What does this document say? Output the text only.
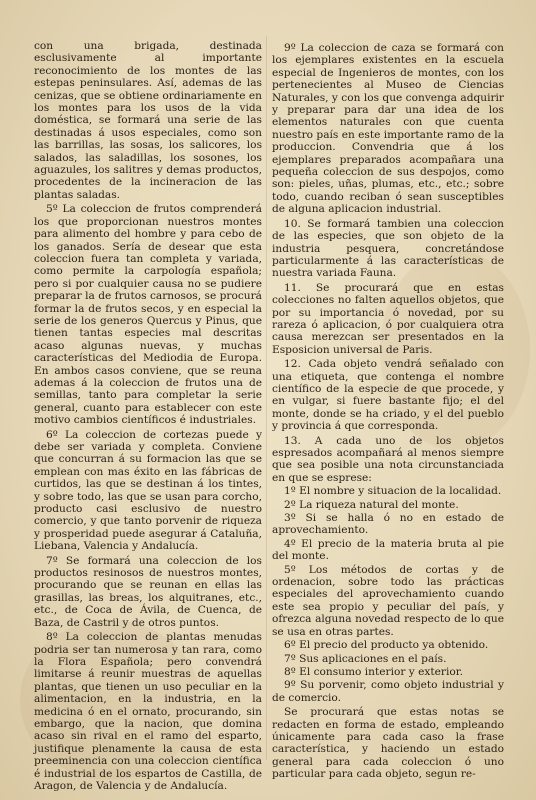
con una brigada, destinada esclusivamente al importante reconocimiento de los montes de las estepas peninsulares. Así, ademas de las cenizas, que se obtiene ordinariamente en los montes para los usos de la vida doméstica, se formará una serie de las destinadas á usos especiales, como son las barrillas, las sosas, los salicores, los salados, las saladillas, los sosones, los aguazules, los salitres y demas productos, procedentes de la incineracion de las plantas saladas.

5º La coleccion de frutos comprenderá los que proporcionan nuestros montes para alimento del hombre y para cebo de los ganados. Sería de desear que esta coleccion fuera tan completa y variada, como permite la carpología española; pero si por cualquier causa no se pudiere preparar la de frutos carnosos, se procurá formar la de frutos secos, y en especial la serie de los generos Quercus y Pinus, que tienen tantas especies mal descritas acaso algunas nuevas, y muchas características del Mediodia de Europa. En ambos casos conviene, que se reuna ademas á la coleccion de frutos una de semillas, tanto para completar la serie general, cuanto para establecer con este motivo cambios científicos é industriales.

6º La coleccion de cortezas puede y debe ser variada y completa. Conviene que concurran á su formacion las que se emplean con mas éxito en las fábricas de curtidos, las que se destinan á los tintes, y sobre todo, las que se usan para corcho, producto casi esclusivo de nuestro comercio, y que tanto porvenir de riqueza y prosperidad puede asegurar á Cataluña, Liebana, Valencia y Andalucía.

7º Se formará una coleccion de los productos resinosos de nuestros montes, procurando que se reunan en ellas las grasillas, las breas, los alquitranes, etc., etc., de Coca de Ávila, de Cuenca, de Baza, de Castril y de otros puntos.

8º La coleccion de plantas menudas podria ser tan numerosa y tan rara, como la Flora Española; pero convendrá limitarse á reunir muestras de aquellas plantas, que tienen un uso peculiar en la alimentacion, en la industria, en la medicina ó en el ornato, procurando, sin embargo, que la nacion, que domina acaso sin rival en el ramo del esparto, justifique plenamente la causa de esta preeminencia con una coleccion científica é industrial de los espartos de Castilla, de Aragon, de Valencia y de Andalucía.

9º La coleccion de caza se formará con los ejemplares existentes en la escuela especial de Ingenieros de montes, con los pertenecientes al Museo de Ciencias Naturales, y con los que convenga adquirir y preparar para dar una idea de los elementos naturales con que cuenta nuestro país en este importante ramo de la produccion. Convendria que á los ejemplares preparados acompañara una pequeña coleccion de sus despojos, como son: pieles, uñas, plumas, etc., etc.; sobre todo, cuando reciban ó sean susceptibles de alguna aplicacion industrial.

10. Se formará tambien una coleccion de las especies, que son objeto de la industria pesquera, concretándose particularmente á las características de nuestra variada Fauna.

11. Se procurará que en estas colecciones no falten aquellos objetos, que por su importancia ó novedad, por su rareza ó aplicacion, ó por cualquiera otra causa merezcan ser presentados en la Esposicion universal de Paris.

12. Cada objeto vendrá señalado con una etiqueta, que contenga el nombre científico de la especie de que procede, y en vulgar, si fuere bastante fijo; el del monte, donde se ha criado, y el del pueblo y provincia á que corresponda.

13. A cada uno de los objetos espresados acompañará al menos siempre que sea posible una nota circunstanciada en que se esprese:

1º El nombre y situacion de la localidad.

2º La riqueza natural del monte.

3º Si se halla ó no en estado de aprovechamiento.

4º El precio de la materia bruta al pie del monte.

5º Los métodos de cortas y de ordenacion, sobre todo las prácticas especiales del aprovechamiento cuando este sea propio y peculiar del país, y ofrezca alguna novedad respecto de lo que se usa en otras partes.

6º El precio del producto ya obtenido.

7º Sus aplicaciones en el país.

8º El consumo interior y exterior.

9º Su porvenir, como objeto industrial y de comercio.

Se procurará que estas notas se redacten en forma de estado, empleando únicamente para cada caso la frase característica, y haciendo un estado general para cada coleccion ó uno particular para cada objeto, segun re-
